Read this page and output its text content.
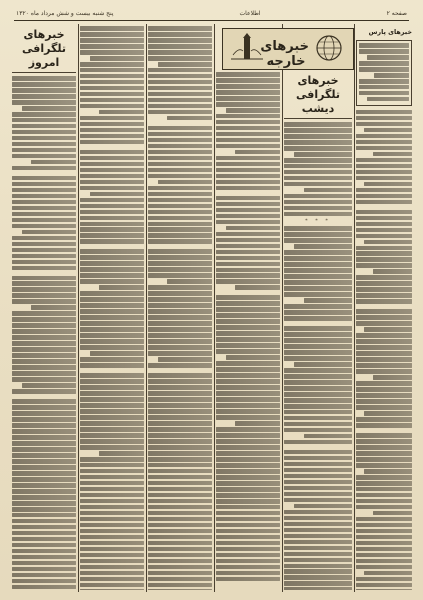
صفحه ۲
اطلاعات
پنج شنبه بیست و شش مرداد ماه ۱۳۲۰
خبرهای خارجه
خبرهای پارس
خبرهای تلگرافی دیشب
* * *
خبرهای تلگرافی امروز
